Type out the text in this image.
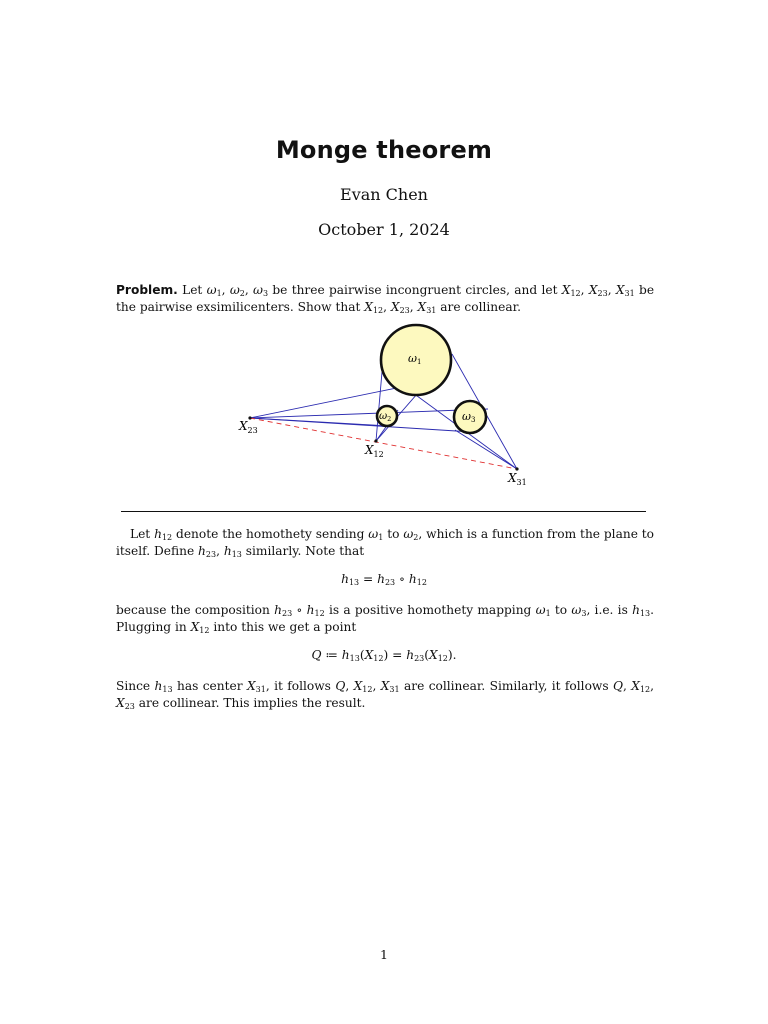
Monge theorem
Evan Chen
October 1, 2024
Problem. Let $\omega_1$, $\omega_2$, $\omega_3$ be three pairwise incongruent circles, and let $X_{12}$, $X_{23}$, $X_{31}$ be the pairwise exsimilicenters. Show that $X_{12}$, $X_{23}$, $X_{31}$ are collinear.
ω1
$\omega_2$	ω3
$X_{23}$
$X_{12}$
$X_{31}$
Let $h_{12}$ denote the homothety sending $\omega_1$ to $\omega_2$, which is a function from the plane to itself. Define $h_{23}$, $h_{13}$ similarly. Note that
$h_{13} = h_{23}$ ∘ $h_{12}$
because the composition $h_{23}$ ∘ $h_{12}$ is a positive homothety mapping $\omega_1$ to $\omega_3$, i.e. is $h_{13}$. Plugging in $X_{12}$ into this we get a point
Q ≔ $h_{13}(X_{12}) = h_{23}(X_{12})$.
Since $h_{13}$ has center $X_{31}$, it follows Q, $X_{12}$, $X_{31}$ are collinear. Similarly, it follows Q, $X_{12}$, $X_{23}$ are collinear. This implies the result.
1
